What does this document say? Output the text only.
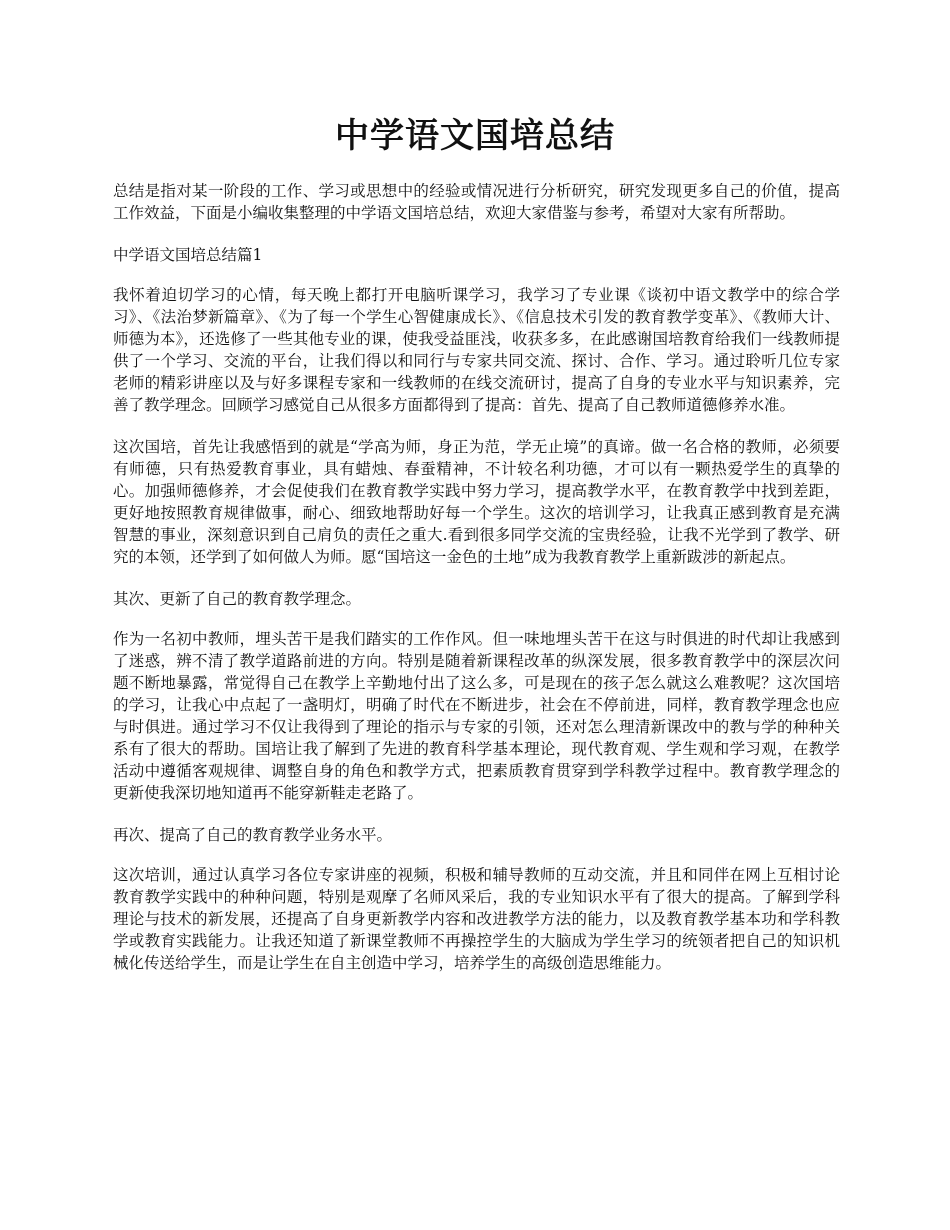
中学语文国培总结

总结是指对某一阶段的工作、学习或思想中的经验或情况进行分析研究，研究发现更多自己的价值，提高工作效益，下面是小编收集整理的中学语文国培总结，欢迎大家借鉴与参考，希望对大家有所帮助。

中学语文国培总结篇1

我怀着迫切学习的心情，每天晚上都打开电脑听课学习，我学习了专业课《谈初中语文教学中的综合学习》、《法治梦新篇章》、《为了每一个学生心智健康成长》、《信息技术引发的教育教学变革》、《教师大计、师德为本》，还选修了一些其他专业的课，使我受益匪浅，收获多多，在此感谢国培教育给我们一线教师提供了一个学习、交流的平台，让我们得以和同行与专家共同交流、探讨、合作、学习。通过聆听几位专家老师的精彩讲座以及与好多课程专家和一线教师的在线交流研讨，提高了自身的专业水平与知识素养，完善了教学理念。回顾学习感觉自己从很多方面都得到了提高：首先、提高了自己教师道德修养水准。

这次国培，首先让我感悟到的就是“学高为师，身正为范，学无止境”的真谛。做一名合格的教师，必须要有师德，只有热爱教育事业，具有蜡烛、春蚕精神，不计较名利功德，才可以有一颗热爱学生的真挚的心。加强师德修养，才会促使我们在教育教学实践中努力学习，提高教学水平，在教育教学中找到差距，更好地按照教育规律做事，耐心、细致地帮助好每一个学生。这次的培训学习，让我真正感到教育是充满智慧的事业，深刻意识到自己肩负的责任之重大.看到很多同学交流的宝贵经验，让我不光学到了教学、研究的本领，还学到了如何做人为师。愿“国培这一金色的土地”成为我教育教学上重新跋涉的新起点。

其次、更新了自己的教育教学理念。

作为一名初中教师，埋头苦干是我们踏实的工作作风。但一味地埋头苦干在这与时俱进的时代却让我感到了迷惑，辨不清了教学道路前进的方向。特别是随着新课程改革的纵深发展，很多教育教学中的深层次问题不断地暴露，常觉得自己在教学上辛勤地付出了这么多，可是现在的孩子怎么就这么难教呢？这次国培的学习，让我心中点起了一盏明灯，明确了时代在不断进步，社会在不停前进，同样，教育教学理念也应与时俱进。通过学习不仅让我得到了理论的指示与专家的引领，还对怎么理清新课改中的教与学的种种关系有了很大的帮助。国培让我了解到了先进的教育科学基本理论，现代教育观、学生观和学习观，在教学活动中遵循客观规律、调整自身的角色和教学方式，把素质教育贯穿到学科教学过程中。教育教学理念的更新使我深切地知道再不能穿新鞋走老路了。

再次、提高了自己的教育教学业务水平。

这次培训，通过认真学习各位专家讲座的视频，积极和辅导教师的互动交流，并且和同伴在网上互相讨论教育教学实践中的种种问题，特别是观摩了名师风采后，我的专业知识水平有了很大的提高。了解到学科理论与技术的新发展，还提高了自身更新教学内容和改进教学方法的能力，以及教育教学基本功和学科教学或教育实践能力。让我还知道了新课堂教师不再操控学生的大脑成为学生学习的统领者把自己的知识机械化传送给学生，而是让学生在自主创造中学习，培养学生的高级创造思维能力。
